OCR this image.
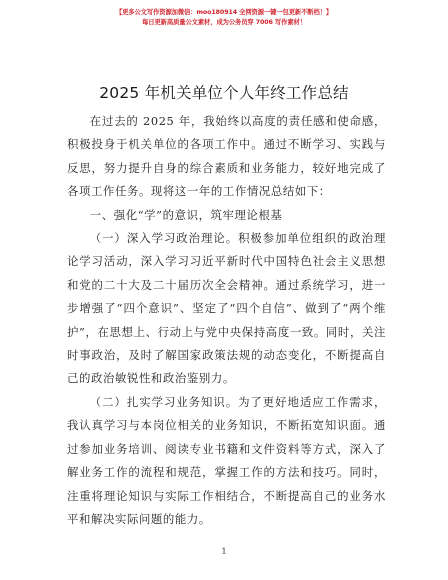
【更多公文写作资源加微信：moo180914 全网资源一键一包更新不断档！】
每日更新高质量公文素材，成为公务员穿 7006 写作素材！
2025 年机关单位个人年终工作总结

在过去的 2025 年，我始终以高度的责任感和使命感，积极投身于机关单位的各项工作中。通过不断学习、实践与反思，努力提升自身的综合素质和业务能力，较好地完成了各项工作任务。现将这一年的工作情况总结如下：

一、强化“学”的意识，筑牢理论根基

（一）深入学习政治理论。积极参加单位组织的政治理论学习活动，深入学习习近平新时代中国特色社会主义思想和党的二十大及二十届历次全会精神。通过系统学习，进一步增强了“四个意识”、坚定了“四个自信”、做到了“两个维护”，在思想上、行动上与党中央保持高度一致。同时，关注时事政治，及时了解国家政策法规的动态变化，不断提高自己的政治敏锐性和政治鉴别力。

（二）扎实学习业务知识。为了更好地适应工作需求，我认真学习与本岗位相关的业务知识，不断拓宽知识面。通过参加业务培训、阅读专业书籍和文件资料等方式，深入了解业务工作的流程和规范，掌握工作的方法和技巧。同时，注重将理论知识与实际工作相结合，不断提高自己的业务水平和解决实际问题的能力。

1
